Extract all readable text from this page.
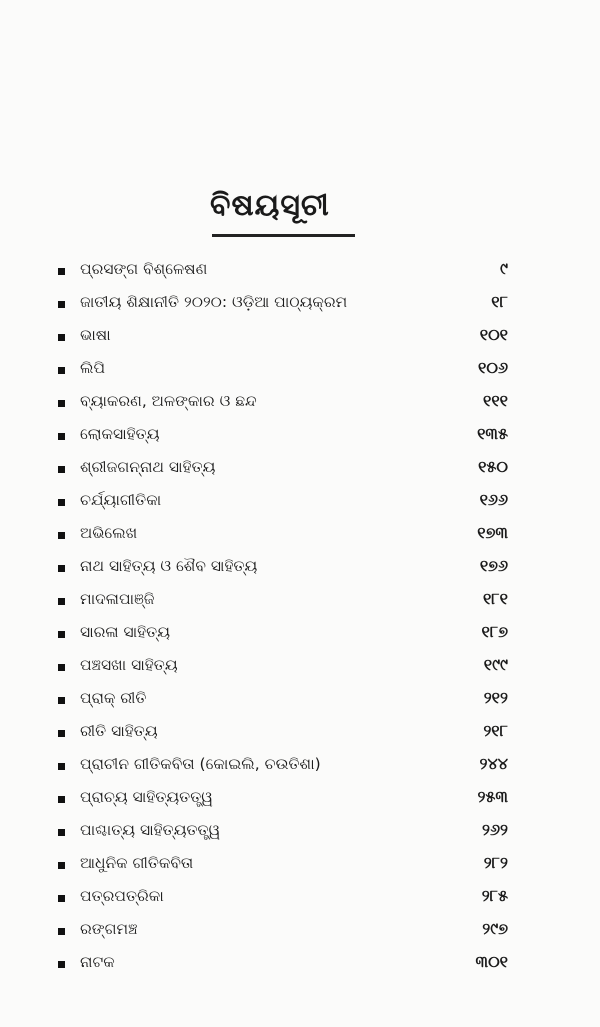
ବିଷୟସୂଚୀ
ପ୍ରସଙ୍ଗ ବିଶ୍ଳେଷଣ	୯
ଜାତୀୟ ଶିକ୍ଷାନୀତି ୨୦୨୦: ଓଡ଼ିଆ ପାଠ୍ୟକ୍ରମ	୧୮
ଭାଷା	୧୦୧
ଲିପି	୧୦୬
ବ୍ୟାକରଣ, ଅଳଙ୍କାର ଓ ଛନ୍ଦ	୧୧୧
ଲୋକସାହିତ୍ୟ	୧୩୫
ଶ୍ରୀଜଗନ୍ନାଥ ସାହିତ୍ୟ	୧୫୦
ଚର୍ଯ୍ୟାଗୀତିକା	୧୬୬
ଅଭିଲେଖ	୧୭୩
ନାଥ ସାହିତ୍ୟ ଓ ଶୈବ ସାହିତ୍ୟ	୧୭୬
ମାଦଳାପାଞ୍ଜି	୧୮୧
ସାରଳା ସାହିତ୍ୟ	୧୮୭
ପଞ୍ଚସଖା ସାହିତ୍ୟ	୧୯୯
ପ୍ରାକ୍ ରୀତି	୨୧୨
ରୀତି ସାହିତ୍ୟ	୨୧୮
ପ୍ରାଚୀନ ଗୀତିକବିତା (କୋଇଲି, ଚଉତିଶା)	୨୪୪
ପ୍ରାଚ୍ୟ ସାହିତ୍ୟତତ୍ତ୍ୱ	୨୫୩
ପାଶ୍ଚାତ୍ୟ ସାହିତ୍ୟତତ୍ତ୍ୱ	୨୬୨
ଆଧୁନିକ ଗୀତିକବିତା	୨୮୨
ପତ୍ରପତ୍ରିକା	୨୮୫
ରଙ୍ଗମଞ୍ଚ	୨୯୭
ନାଟକ	୩୦୧
